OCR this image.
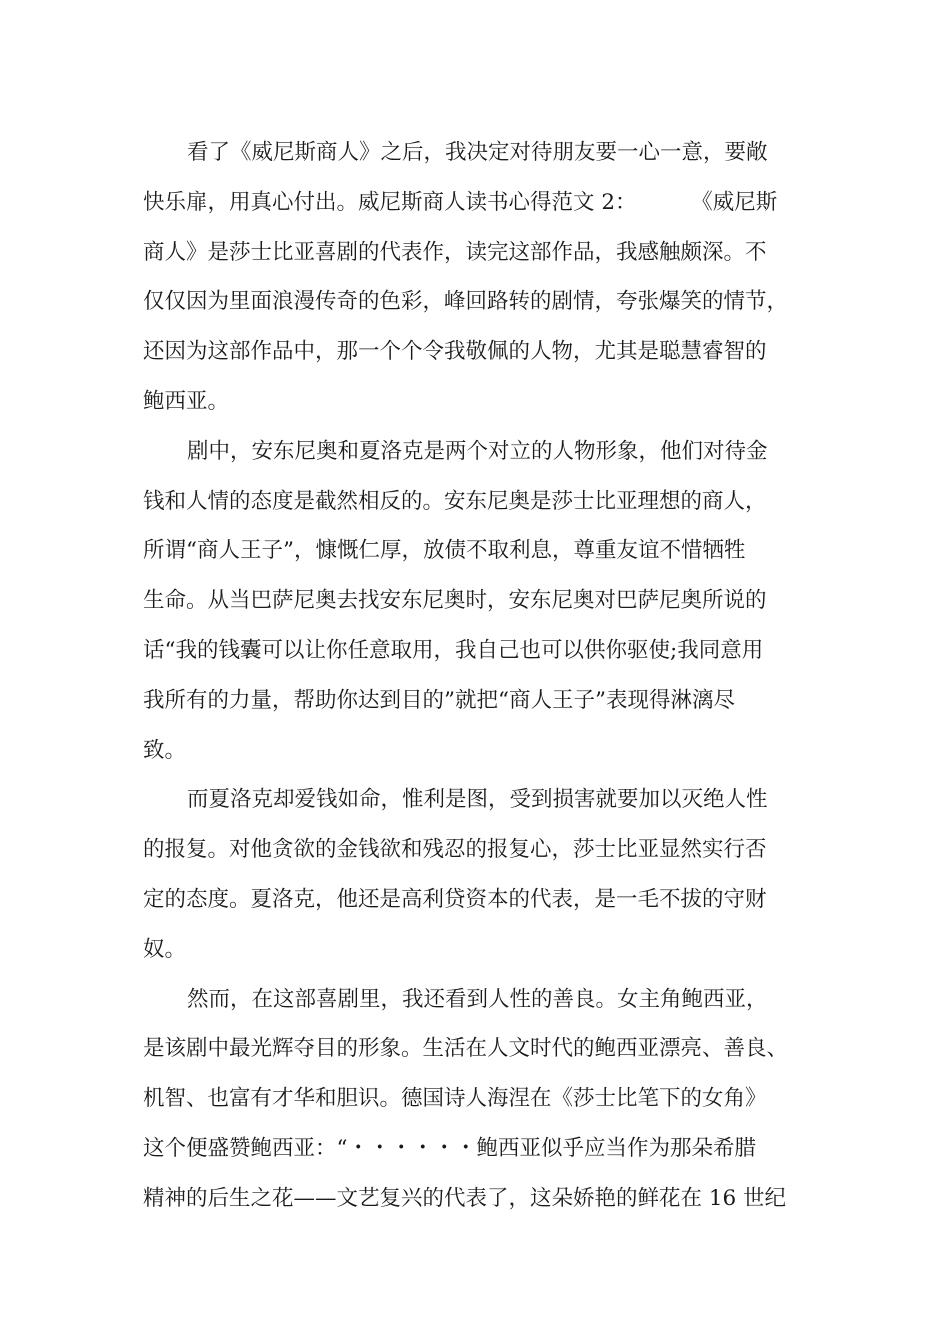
看了《威尼斯商人》之后，我决定对待朋友要一心一意，要敞
快乐扉，用真心付出。威尼斯商人读书心得范文 2：        《威尼斯
商人》是莎士比亚喜剧的代表作，读完这部作品，我感触颇深。不
仅仅因为里面浪漫传奇的色彩，峰回路转的剧情，夸张爆笑的情节，
还因为这部作品中，那一个个令我敬佩的人物，尤其是聪慧睿智的
鲍西亚。
剧中，安东尼奥和夏洛克是两个对立的人物形象，他们对待金
钱和人情的态度是截然相反的。安东尼奥是莎士比亚理想的商人，
所谓“商人王子”，慷慨仁厚，放债不取利息，尊重友谊不惜牺牲
生命。从当巴萨尼奥去找安东尼奥时，安东尼奥对巴萨尼奥所说的
话“我的钱囊可以让你任意取用，我自己也可以供你驱使;我同意用
我所有的力量，帮助你达到目的”就把“商人王子”表现得淋漓尽
致。
而夏洛克却爱钱如命，惟利是图，受到损害就要加以灭绝人性
的报复。对他贪欲的金钱欲和残忍的报复心，莎士比亚显然实行否
定的态度。夏洛克，他还是高利贷资本的代表，是一毛不拔的守财
奴。
然而，在这部喜剧里，我还看到人性的善良。女主角鲍西亚，
是该剧中最光辉夺目的形象。生活在人文时代的鲍西亚漂亮、善良、
机智、也富有才华和胆识。德国诗人海涅在《莎士比笔下的女角》
这个便盛赞鲍西亚：“・・・・・・鲍西亚似乎应当作为那朵希腊
精神的后生之花——文艺复兴的代表了，这朵娇艳的鲜花在 16 世纪
